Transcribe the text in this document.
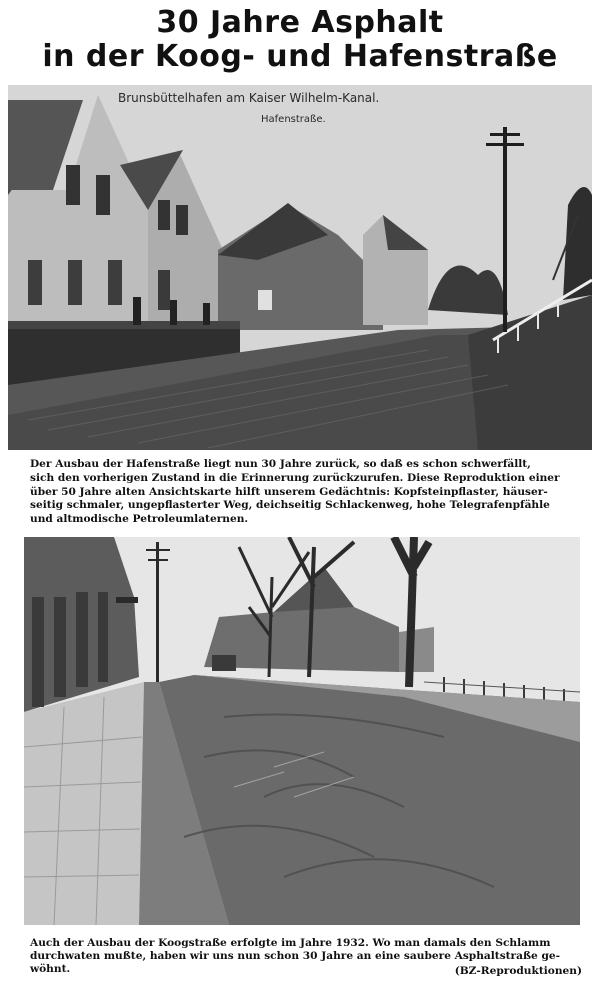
30 Jahre Asphalt
in der Koog- und Hafenstraße
Brunsbüttelhafen am Kaiser Wilhelm-Kanal.
Hafenstraße.
Der Ausbau der Hafenstraße liegt nun 30 Jahre zurück, so daß es schon schwerfällt,
sich den vorherigen Zustand in die Erinnerung zurückzurufen. Diese Reproduktion einer
über 50 Jahre alten Ansichtskarte hilft unserem Gedächtnis: Kopfsteinpflaster, häuser-
seitig schmaler, ungepflasterter Weg, deichseitig Schlackenweg, hohe Telegrafenpfähle
und altmodische Petroleumlaternen.
Auch der Ausbau der Koogstraße erfolgte im Jahre 1932. Wo man damals den Schlamm
durchwaten mußte, haben wir uns nun schon 30 Jahre an eine saubere Asphaltstraße ge-
wöhnt.	(BZ-Reproduktionen)
